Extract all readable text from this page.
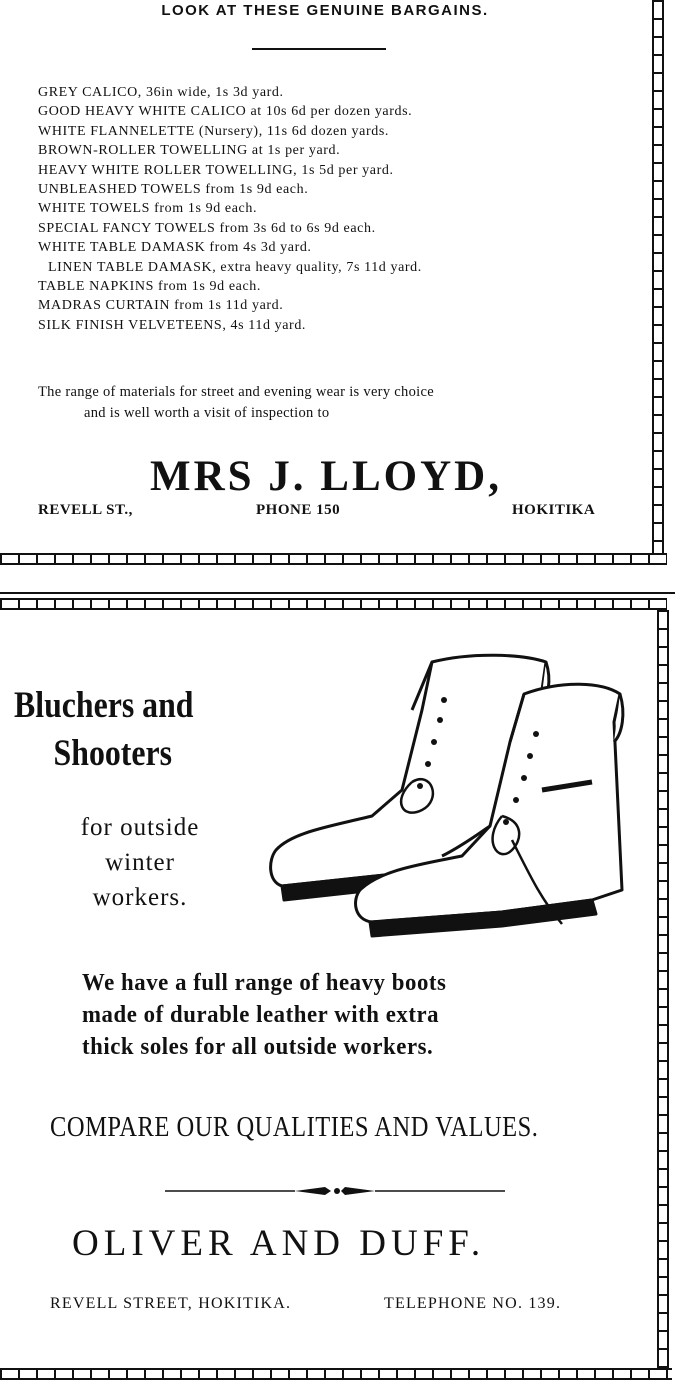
LOOK AT THESE GENUINE BARGAINS.
GREY CALICO, 36in wide, 1s 3d yard.
GOOD HEAVY WHITE CALICO at 10s 6d per dozen yards.
WHITE FLANNELETTE (Nursery), 11s 6d dozen yards.
BROWN-ROLLER TOWELLING at 1s per yard.
HEAVY WHITE ROLLER TOWELLING, 1s 5d per yard.
UNBLEASHED TOWELS from 1s 9d each.
WHITE TOWELS from 1s 9d each.
SPECIAL FANCY TOWELS from 3s 6d to 6s 9d each.
WHITE TABLE DAMASK from 4s 3d yard.
LINEN TABLE DAMASK, extra heavy quality, 7s 11d yard.
TABLE NAPKINS from 1s 9d each.
MADRAS CURTAIN from 1s 11d yard.
SILK FINISH VELVETEENS, 4s 11d yard.
The range of materials for street and evening wear is very choice
and is well worth a visit of inspection to
MRS J. LLOYD,
REVELL ST.,	PHONE 150	HOKITIKA
Bluchers and
Shooters
for outside
winter
workers.
We have a full range of heavy boots
made of durable leather with extra
thick soles for all outside workers.
COMPARE OUR QUALITIES AND VALUES.
OLIVER AND DUFF.
REVELL STREET, HOKITIKA.	TELEPHONE NO. 139.
